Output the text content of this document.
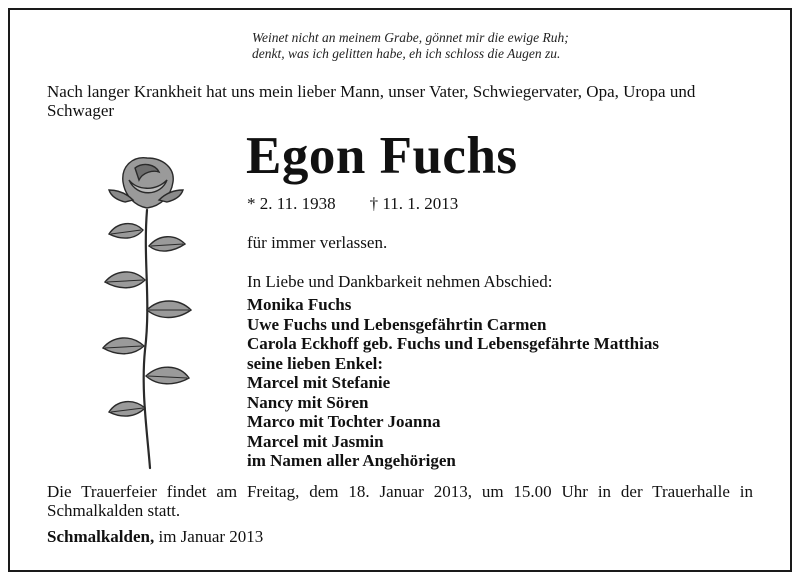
Weinet nicht an meinem Grabe, gönnet mir die ewige Ruh;
denkt, was ich gelitten habe, eh ich schloss die Augen zu.
Nach langer Krankheit hat uns mein lieber Mann, unser Vater, Schwiegervater, Opa, Uropa und Schwager
Egon Fuchs
* 2. 11. 1938 † 11. 1. 2013
für immer verlassen.
In Liebe und Dankbarkeit nehmen Abschied:
Monika Fuchs
Uwe Fuchs und Lebensgefährtin Carmen
Carola Eckhoff geb. Fuchs und Lebensgefährte Matthias
seine lieben Enkel:
Marcel mit Stefanie
Nancy mit Sören
Marco mit Tochter Joanna
Marcel mit Jasmin
im Namen aller Angehörigen
Die Trauerfeier findet am Freitag, dem 18. Januar 2013, um 15.00 Uhr in der Trauerhalle in Schmalkalden statt.
Schmalkalden, im Januar 2013
